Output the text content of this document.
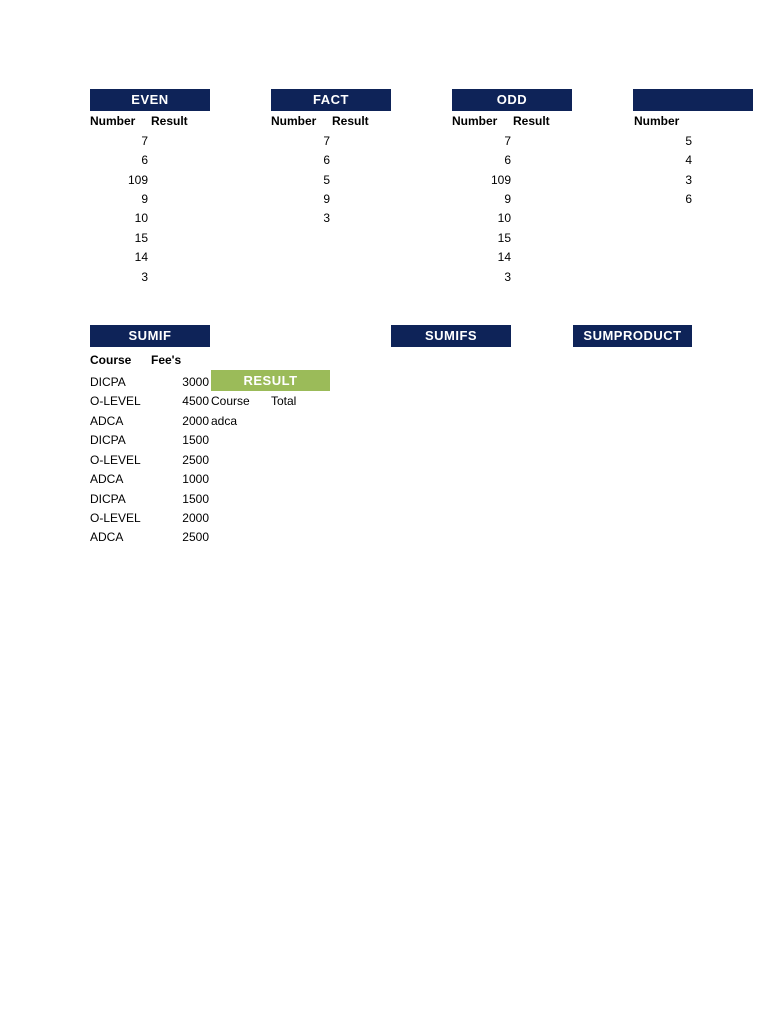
EVEN
Number Result
7
6
109
9
10
15
14
3
FACT
Number Result
7
6
5
9
3
ODD
Number Result
7
6
109
9
10
15
14
3
Number
5
4
3
6
SUMIF
Course Fee's
DICPA	3000
O-LEVEL	4500
ADCA	2000
DICPA	1500
O-LEVEL	2500
ADCA	1000
DICPA	1500
O-LEVEL	2000
ADCA	2500
RESULT
Course Total
adca
SUMIFS	SUMPRODUCT
